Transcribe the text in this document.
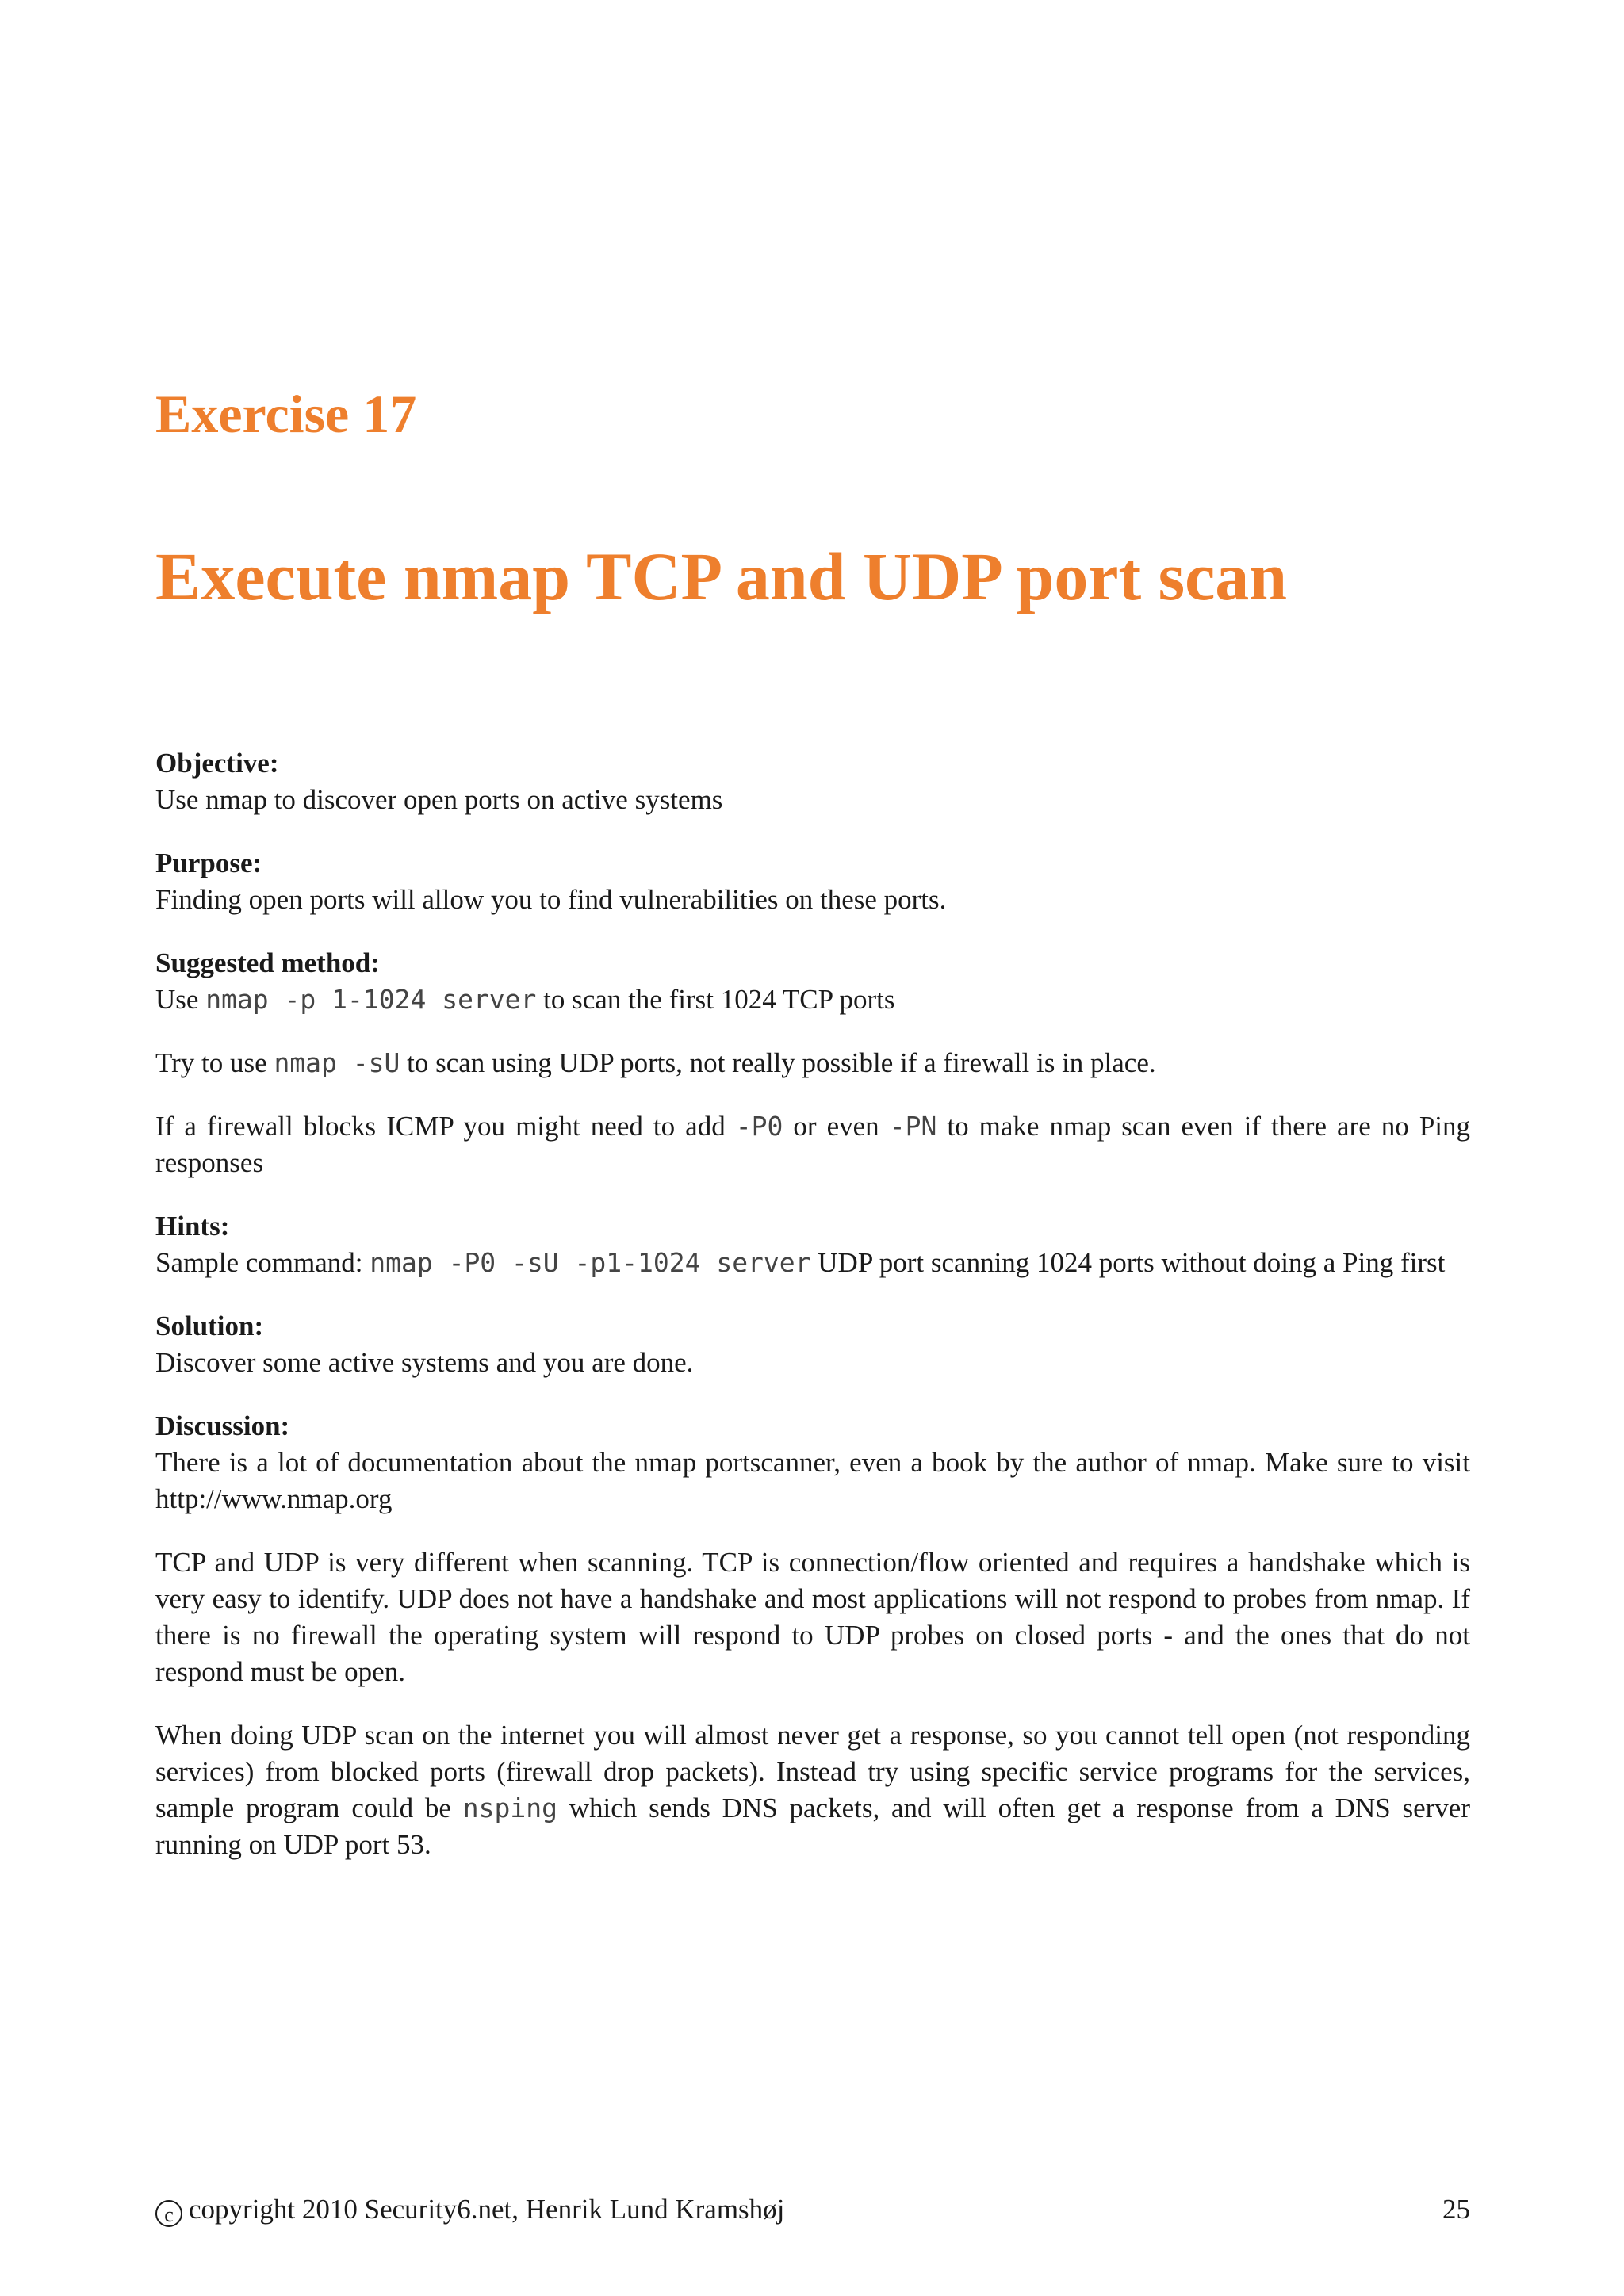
Exercise 17
Execute nmap TCP and UDP port scan
Objective:
Use nmap to discover open ports on active systems
Purpose:
Finding open ports will allow you to find vulnerabilities on these ports.
Suggested method:
Use nmap -p 1-1024 server to scan the first 1024 TCP ports

Try to use nmap -sU to scan using UDP ports, not really possible if a firewall is in place.

If a firewall blocks ICMP you might need to add -P0 or even -PN to make nmap scan even if there are no Ping responses

Hints:
Sample command: nmap -P0 -sU -p1-1024 server UDP port scanning 1024 ports without doing a Ping first
Solution:
Discover some active systems and you are done.
Discussion:
There is a lot of documentation about the nmap portscanner, even a book by the author of nmap. Make sure to visit http://www.nmap.org

TCP and UDP is very different when scanning. TCP is connection/flow oriented and requires a handshake which is very easy to identify. UDP does not have a handshake and most applications will not respond to probes from nmap. If there is no firewall the operating system will respond to UDP probes on closed ports - and the ones that do not respond must be open.

When doing UDP scan on the internet you will almost never get a response, so you cannot tell open (not responding services) from blocked ports (firewall drop packets). Instead try using specific service programs for the services, sample program could be nsping which sends DNS packets, and will often get a response from a DNS server running on UDP port 53.

c copyright 2010 Security6.net, Henrik Lund Kramshøj	25
